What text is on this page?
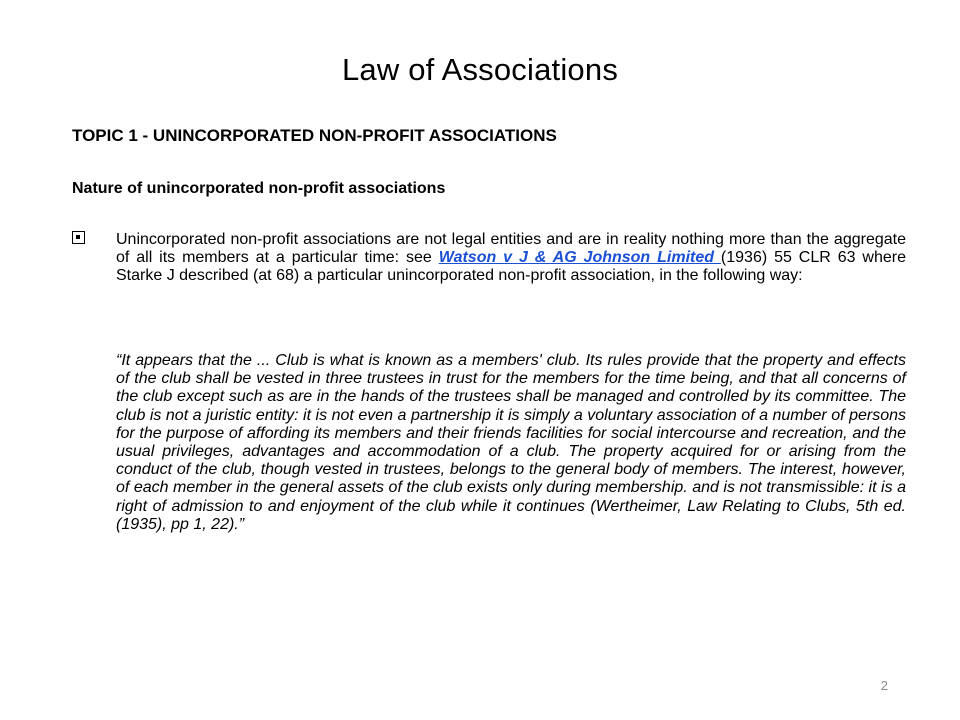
Law of Associations

TOPIC 1 - UNINCORPORATED NON-PROFIT ASSOCIATIONS

Nature of unincorporated non-profit associations

Unincorporated non-profit associations are not legal entities and are in reality nothing more than the aggregate of all its members at a particular time: see Watson v J & AG Johnson Limited (1936) 55 CLR 63 where Starke J described (at 68) a particular unincorporated non-profit association, in the following way:

“It appears that the ... Club is what is known as a members' club. Its rules provide that the property and effects of the club shall be vested in three trustees in trust for the members for the time being, and that all concerns of the club except such as are in the hands of the trustees shall be managed and controlled by its committee. The club is not a juristic entity: it is not even a partnership it is simply a voluntary association of a number of persons for the purpose of affording its members and their friends facilities for social intercourse and recreation, and the usual privileges, advantages and accommodation of a club. The property acquired for or arising from the conduct of the club, though vested in trustees, belongs to the general body of members. The interest, however, of each member in the general assets of the club exists only during membership. and is not transmissible: it is a right of admission to and enjoyment of the club while it continues (Wertheimer, Law Relating to Clubs, 5th ed. (1935), pp 1, 22).”

2
